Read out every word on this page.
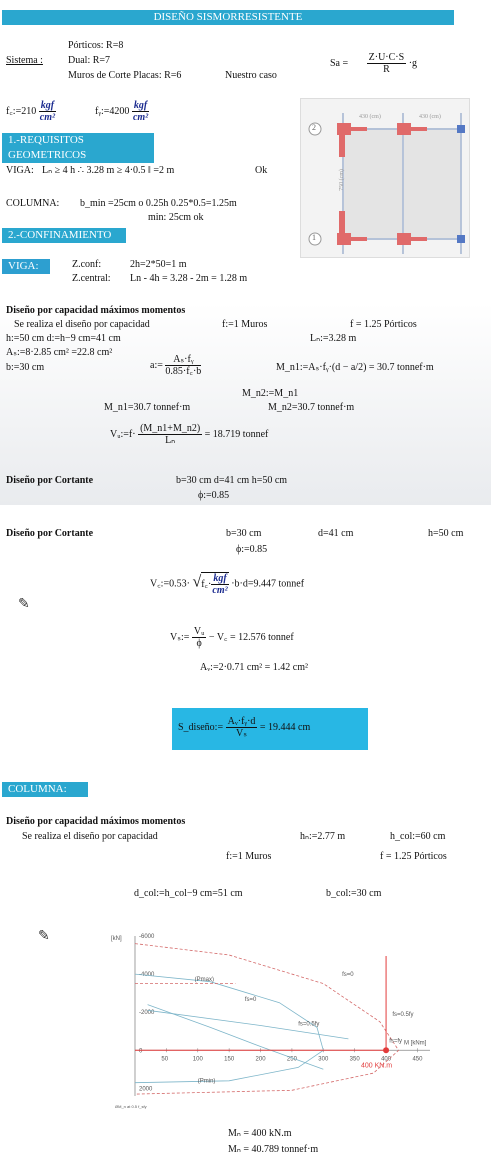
DISEÑO SISMORRESISTENTE
Pórticos: R=8
Sistema :	Dual: R=7
Muros de Corte Placas: R=6	Nuestro caso
$Sa = \frac{Z\cdot U\cdot C\cdot S}{R} \cdot g$
f꜀:=210 $\frac{\text{kgf}}{\text{cm²}}$	fᵧ:=4200 $\frac{\text{kgf}}{\text{cm²}}$
1.-REQUISITOS GEOMETRICOS
VIGA: Lₙ ≥ 4 h ∴ 3.28 m ≥ 4·0.5 ‖ =2 m	Ok
COLUMNA: b_min =25cm o 0.25h 0.25*0.5=1.25m
min: 25cm ok
2.-CONFINAMIENTO
2
1
430 (cm)	430 (cm)
750 (cm)
VIGA:	Z.conf:	2h=2*50=1 m
Z.central: Ln - 4h = 3.28 - 2m = 1.28 m
Diseño por capacidad máximos momentos
Se realiza el diseño por capacidad	f:=1 Muros	f = 1.25 Pórticos
h:=50 cm d:=h−9 cm=41 cm	Lₙ:=3.28 m
Aₛ:=8·2.85 cm² =22.8 cm²
b:=30 cm	a:= $\frac{\text{Aₛ·fᵧ}}{0.85\cdot f꜀\cdot b}$	M_n1:=Aₛ·fᵧ·(d − a/2) = 30.7 tonnef·m
M_n2:=M_n1
M_n1=30.7 tonnef·m	M_n2=30.7 tonnef·m
Vᵤ:=f· $\frac{(M\_n1+M\_n2)}{\text{Lₙ}} = 18.719$ tonnef
Diseño por Cortante	b=30 cm d=41 cm h=50 cm
ϕ:=0.85
Diseño por Cortante	b=30 cm	d=41 cm	h=50 cm
ϕ:=0.85
V꜀:=0.53· √f꜀· $\frac{\text{kgf}}{\text{cm²}} \cdot b\cdot d=9.447$ tonnef
✎
Vₛ:= $\frac{\text{Vᵤ}}{\phi}$ − V꜀ = 12.576 tonnef
Aᵥ:=2·0.71 cm² = 1.42 cm²
S_diseño:= $\frac{\text{Aᵥ·fᵧ·d}}{\text{Vₛ}} = 19.444$ cm
COLUMNA:
Diseño por capacidad máximos momentos
Se realiza el diseño por capacidad	hₙ:=2.77 m	h_col:=60 cm
f:=1 Muros	f = 1.25 Pórticos
d_col:=h_col−9 cm=51 cm	b_col:=30 cm
✎	-6000
-4000
-2000
0
2000
50	100	150	200	250	300	350	400	450
[kN]
M [kNm]
(Pmax)
fs=0
fs=0
fs=0.5fy
fs=0.5fy
fs=fy
(Pmin)
400 KN.m
ØM_n at 0.5 f_sfy
Mₙ = 400 kN.m
Mₙ = 40.789 tonnef·m
